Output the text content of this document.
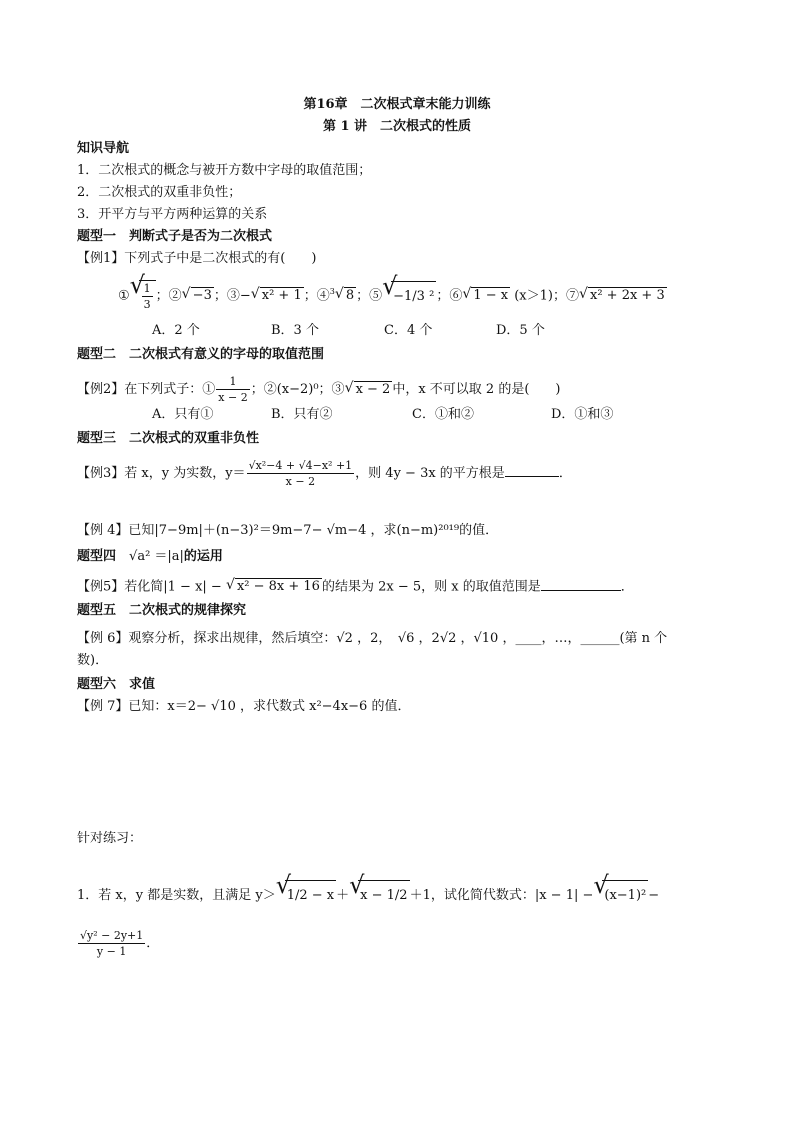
第16章　二次根式章末能力训练
第 1 讲　二次根式的性质
知识导航
1．二次根式的概念与被开方数中字母的取值范围；
2．二次根式的双重非负性；
3．开平方与平方两种运算的关系
题型一　判断式子是否为二次根式
【例1】下列式子中是二次根式的有(　　)
① √ $\frac{1}{3}$ ；② √ −3 ；③− √ x² + 1 ；④$^3$ √ 8 ；⑤ √ −1/3 ² ；⑥ √ 1 − x (x＞1)；⑦ √ x² + 2x + 3
A．2 个	B．3 个	C．4 个	D．5 个
题型二　二次根式有意义的字母的取值范围
【例2】在下列式子：① $\frac{1}{x - 2}$ ；②(x−2)⁰；③ √ x − 2 中，x 不可以取 2 的是(　　)
A．只有①	B．只有②	C．①和②	D．①和③
题型三　二次根式的双重非负性
【例3】若 x，y 为实数，$y= \frac{\text{√x²−4 + √4−x² +1}}{x - 2}$ ，则 4y − 3x 的平方根是	．
【例 4】已知|7−9m|＋(n−3)²＝9m−7− √m−4 ，求(n−m)²⁰¹⁹的值．
题型四　 √a² ＝|a|的运用
【例5】若化简|1 − x| − √ x² − 8x + 16 的结果为 2x − 5，则 x 的取值范围是	．
题型五　二次根式的规律探究
【例 6】观察分析，探求出规律，然后填空：√2 ，2，　√6 ，2√2 ，√10 ，____，…，______(第 n 个
数)．
题型六　求值
【例 7】已知：x＝2− √10 ，求代数式 x²−4x−6 的值．
针对练习：
1．若 x，y 都是实数，且满足 y＞ √ 1/2 − x ＋ √ x − 1/2 ＋1，试化简代数式：|x − 1| − √ (x−1)² −
$\frac{\text{√y² − 2y+1}}{y - 1}$ ．
